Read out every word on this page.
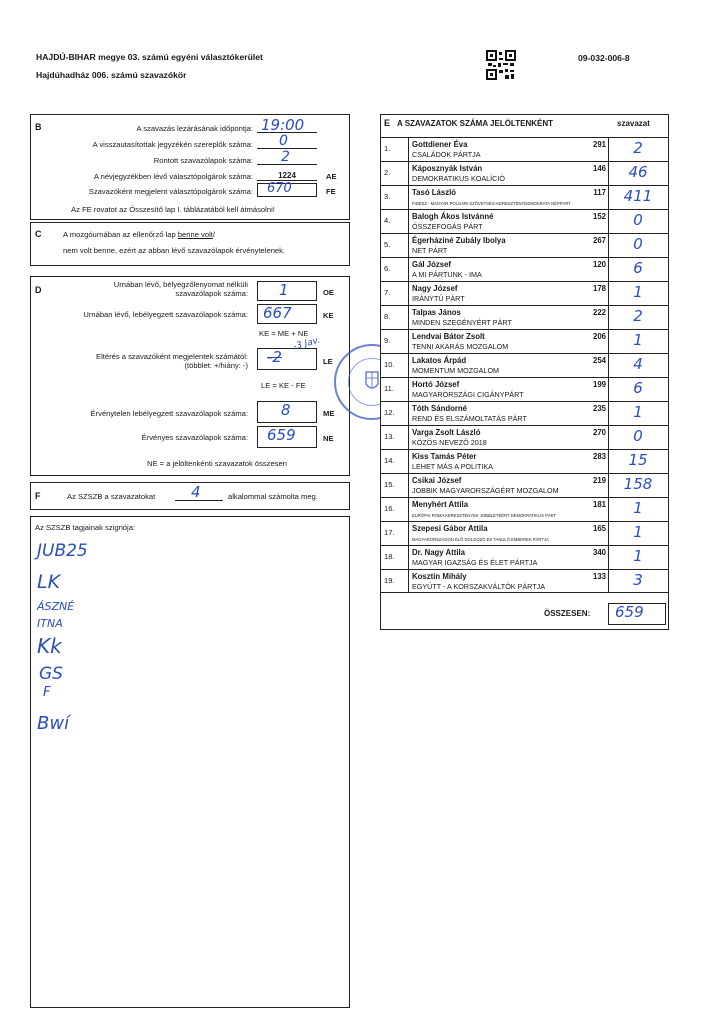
HAJDÚ-BIHAR megye 03. számú egyéni választókerület
Hajdúhadház 006. számú szavazókör
09-032-006-8
B	A szavazás lezárásának időpontja: 19:00
A visszautasítottak jegyzékén szereplők száma: 0
Rontott szavazólapok száma: 2
A névjegyzékben lévő választópolgárok száma:	1224	AE
Szavazóként megjelent választópolgárok száma: 670	FE
Az FE rovatot az Összesítő lap I. táblázatából kell átmásolni!
C	A mozgóurnában az ellenőrző lap benne volt/
nem volt benne, ezért az abban lévő szavazólapok érvénytelenek.
D
Urnában lévő, bélyegzőlenyomat nélküli
szavazólapok száma: 1	OE
Urnában lévő, lebélyegzett szavazólapok száma: 667	KE
KE = ME + NE
Eltérés a szavazóként megjelentek számától:
(többlet: +/hiány: -) -2
-3 Jav.
LE
LE = KE - FE
Érvénytelen lebélyegzett szavazólapok száma: 8	ME
Érvényes szavazólapok száma: 659	NE
NE = a jelöltenkénti szavazatok összesen
F	Az SZSZB a szavazatokat 4	alkalommal számolta meg.
Az SZSZB tagjainak szignója:
JUB25
LK
ÁSZNÉ
ITNA
Kk
GS
F
Bwí
E A SZAVAZATOK SZÁMA JELÖLTENKÉNT	szavazat
1.	Gottdiener Éva
CSALÁDOK PÁRTJA
291	2
2.	Káposznyák István
DEMOKRATIKUS KOALÍCIÓ
146	46
3.	Tasó László
FIDESZ - MAGYAR POLGÁRI SZÖVETSÉG-KERESZTÉNYDEMOKRATA NÉPPÁRT
117	411
4.	Balogh Ákos Istvánné
ÖSSZEFOGÁS PÁRT
152	0
5.	Égerháziné Zubály Ibolya
NET PÁRT
267	0
6.	Gál József
A MI PÁRTUNK - IMA
120	6
7.	Nagy József
IRÁNYTŰ PÁRT
178	1
8.	Talpas János
MINDEN SZEGÉNYÉRT PÁRT
222	2
9.	Lendvai Bátor Zsolt
TENNI AKARÁS MOZGALOM
206	1
10. Lakatos Árpád
MOMENTUM MOZGALOM
254	4
11. Hortó József
MAGYARORSZÁGI CIGÁNYPÁRT
199	6
12. Tóth Sándorné
REND ÉS ELSZÁMOLTATÁS PÁRT
235	1
13. Varga Zsolt László
KÖZÖS NEVEZŐ 2018
270	0
14. Kiss Tamás Péter
LEHET MÁS A POLITIKA
283	15
15. Csikai József
JOBBIK MAGYARORSZÁGÉRT MOZGALOM
219	158
16. Menyhért Attila
EURÓPAI ROMA KERESZTÉNYEK JOBBLÉTÉÉRT DEMOKRATIKUS PÁRT
181	1
17. Szepesi Gábor Attila
MAGYARORSZÁGON ÉLŐ DOLGOZÓ ÉS TANULÓ EMBEREK PÁRTJA
165	1
18. Dr. Nagy Attila
MAGYAR IGAZSÁG ÉS ÉLET PÁRTJA
340	1
19. Kosztin Mihály
EGYÜTT - A KORSZAKVÁLTÓK PÁRTJA
133	3
ÖSSZESEN: 659
